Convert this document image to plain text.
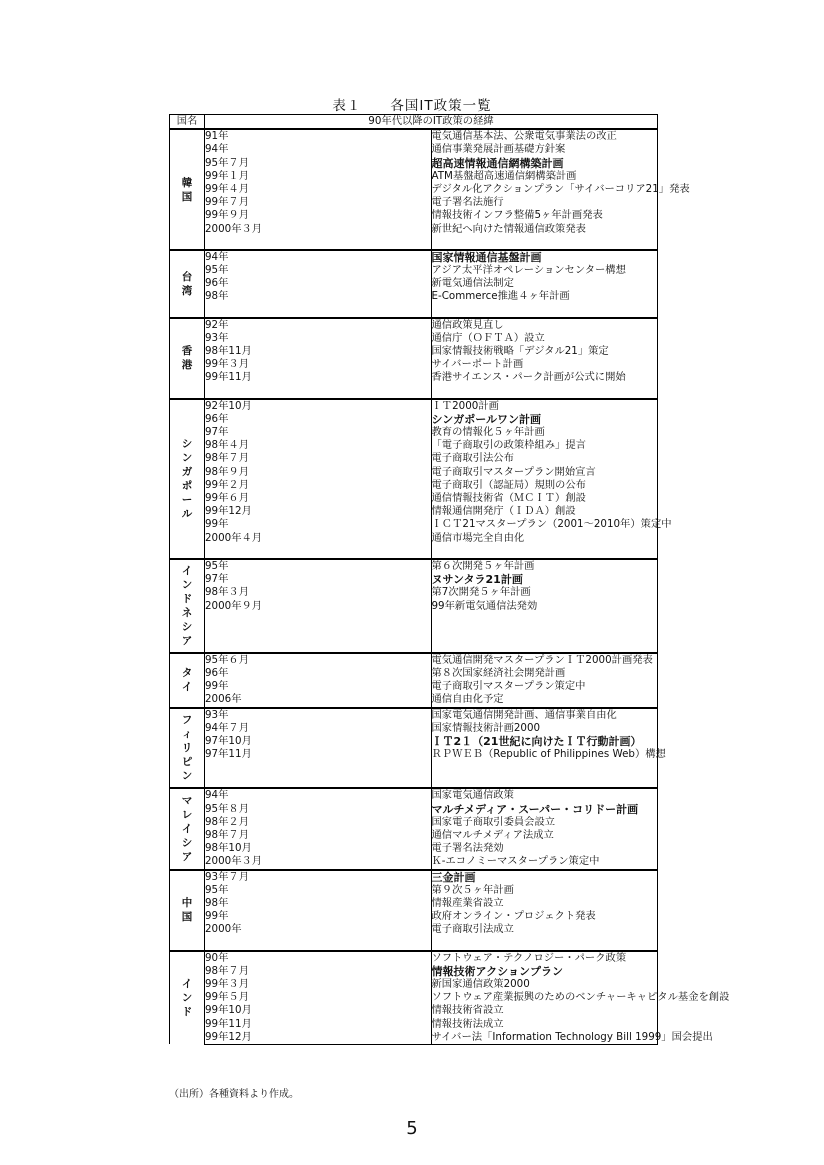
表１　　各国IT政策一覧
国名	90年代以降のIT政策の経緯	
韓国	91年	電気通信基本法、公衆電気事業法の改正
	94年	通信事業発展計画基礎方針案
	95年７月	超高速情報通信網構築計画
	99年１月	ATM基盤超高速通信網構築計画
	99年４月	デジタル化アクションプラン「サイバーコリア21」発表
	99年７月	電子署名法施行
	99年９月	情報技術インフラ整備5ヶ年計画発表
	2000年３月	新世紀へ向けた情報通信政策発表

台湾	94年	国家情報通信基盤計画
	95年	アジア太平洋オペレーションセンター構想
	96年	新電気通信法制定
	98年	E-Commerce推進４ヶ年計画

香港	92年	通信政策見直し
	93年	通信庁（ＯＦＴＡ）設立
	98年11月	国家情報技術戦略「デジタル21」策定
	99年３月	サイバーポート計画
	99年11月	香港サイエンス・パーク計画が公式に開始

シンガポール	92年10月	ＩＴ2000計画
	96年	シンガポールワン計画
	97年	教育の情報化５ヶ年計画
	98年４月	「電子商取引の政策枠組み」提言
	98年７月	電子商取引法公布
	98年９月	電子商取引マスタープラン開始宣言
	99年２月	電子商取引（認証局）規則の公布
	99年６月	通信情報技術省（ＭＣＩＴ）創設
	99年12月	情報通信開発庁（ＩＤＡ）創設
	99年	ＩＣＴ21マスタープラン（2001～2010年）策定中
	2000年４月	通信市場完全自由化

インドネシア	95年	第６次開発５ヶ年計画
	97年	ヌサンタラ21計画
	98年３月	第7次開発５ヶ年計画
	2000年９月	99年新電気通信法発効

タイ	95年６月	電気通信開発マスタープランＩＴ2000計画発表
	96年	第８次国家経済社会開発計画
	99年	電子商取引マスタープラン策定中
	2006年	通信自由化予定
フィリピン	93年	国家電気通信開発計画、通信事業自由化
	94年７月	国家情報技術計画2000
	97年10月	ＩＴ2１（21世紀に向けたＩＴ行動計画）
	97年11月	ＲＰＷＥＢ（Republic of Philippines Web）構想

マレイシア	94年	国家電気通信政策
	95年８月	マルチメディア・スーパー・コリドー計画
	98年２月	国家電子商取引委員会設立
	98年７月	通信マルチメディア法成立
	98年10月	電子署名法発効
	2000年３月	Ｋ-エコノミーマスタープラン策定中
中国	93年７月	三金計画
	95年	第９次５ヶ年計画
	98年	情報産業省設立
	99年	政府オンライン・プロジェクト発表
	2000年	電子商取引法成立

インド	90年	ソフトウェア・テクノロジー・パーク政策
	98年７月	情報技術アクションプラン
	99年３月	新国家通信政策2000
	99年５月	ソフトウェア産業振興のためのベンチャーキャピタル基金を創設
	99年10月	情報技術省設立
	99年11月	情報技術法成立
	99年12月	サイバー法「Information Technology Bill 1999」国会提出
（出所）各種資料より作成。
5
